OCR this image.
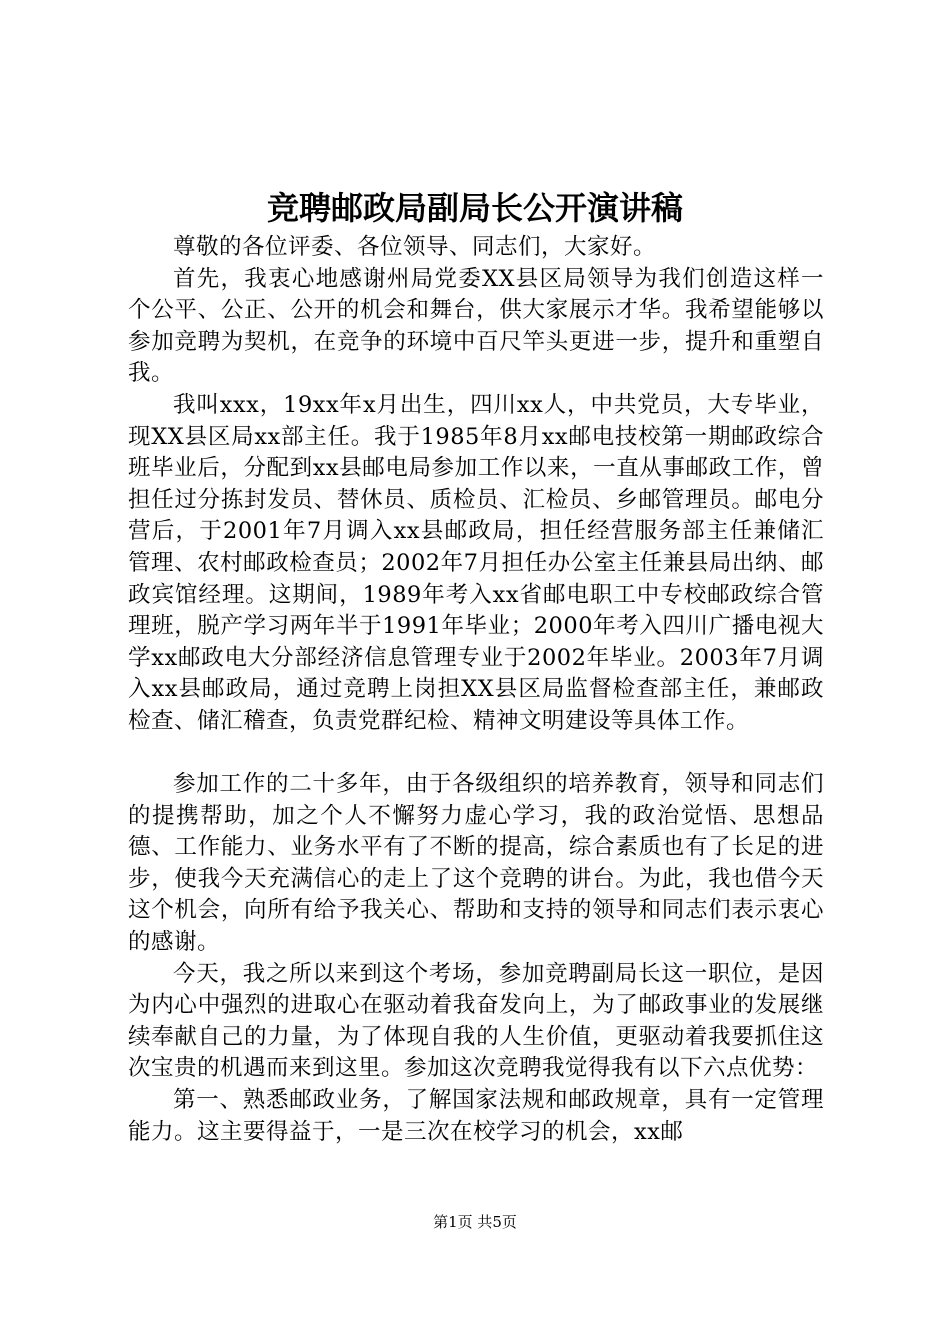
竞聘邮政局副局长公开演讲稿

尊敬的各位评委、各位领导、同志们，大家好。

首先，我衷心地感谢州局党委XX县区局领导为我们创造这样一个公平、公正、公开的机会和舞台，供大家展示才华。我希望能够以参加竞聘为契机，在竞争的环境中百尺竿头更进一步，提升和重塑自我。

我叫xxx，19xx年x月出生，四川xx人，中共党员，大专毕业，现XX县区局xx部主任。我于1985年8月xx邮电技校第一期邮政综合班毕业后，分配到xx县邮电局参加工作以来，一直从事邮政工作，曾担任过分拣封发员、替休员、质检员、汇检员、乡邮管理员。邮电分营后，于2001年7月调入xx县邮政局，担任经营服务部主任兼储汇管理、农村邮政检查员；2002年7月担任办公室主任兼县局出纳、邮政宾馆经理。这期间，1989年考入xx省邮电职工中专校邮政综合管理班，脱产学习两年半于1991年毕业；2000年考入四川广播电视大学xx邮政电大分部经济信息管理专业于2002年毕业。2003年7月调入xx县邮政局，通过竞聘上岗担XX县区局监督检查部主任，兼邮政检查、储汇稽查，负责党群纪检、精神文明建设等具体工作。

参加工作的二十多年，由于各级组织的培养教育，领导和同志们的提携帮助，加之个人不懈努力虚心学习，我的政治觉悟、思想品德、工作能力、业务水平有了不断的提高，综合素质也有了长足的进步，使我今天充满信心的走上了这个竞聘的讲台。为此，我也借今天这个机会，向所有给予我关心、帮助和支持的领导和同志们表示衷心的感谢。

今天，我之所以来到这个考场，参加竞聘副局长这一职位，是因为内心中强烈的进取心在驱动着我奋发向上，为了邮政事业的发展继续奉献自己的力量，为了体现自我的人生价值，更驱动着我要抓住这次宝贵的机遇而来到这里。参加这次竞聘我觉得我有以下六点优势：

第一、熟悉邮政业务，了解国家法规和邮政规章，具有一定管理能力。这主要得益于，一是三次在校学习的机会，xx邮

第1页 共5页
